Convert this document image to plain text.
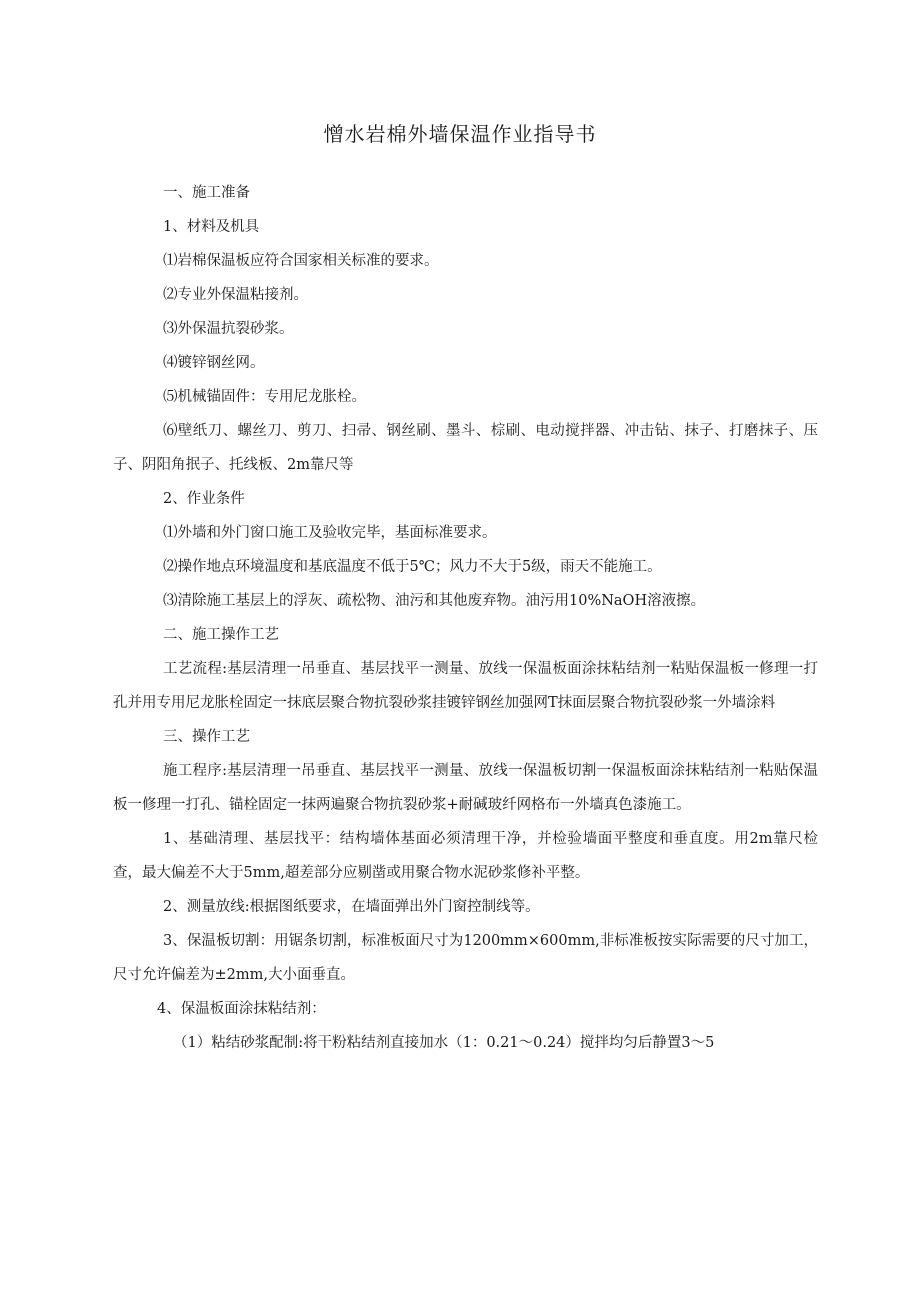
憎水岩棉外墙保温作业指导书

一、施工准备

1、材料及机具

⑴岩棉保温板应符合国家相关标准的要求。

⑵专业外保温粘接剂。

⑶外保温抗裂砂浆。

⑷镀锌钢丝网。

⑸机械锚固件：专用尼龙胀栓。

⑹壁纸刀、螺丝刀、剪刀、扫帚、钢丝刷、墨斗、棕刷、电动搅拌器、冲击钻、抹子、打磨抹子、压子、阴阳角抿子、托线板、2m靠尺等

2、作业条件

⑴外墙和外门窗口施工及验收完毕，基面标准要求。

⑵操作地点环境温度和基底温度不低于5℃；风力不大于5级，雨天不能施工。

⑶清除施工基层上的浮灰、疏松物、油污和其他废弃物。油污用10%NaOH溶液擦。

二、施工操作工艺

工艺流程:基层清理一吊垂直、基层找平一测量、放线一保温板面涂抹粘结剂一粘贴保温板一修理一打孔并用专用尼龙胀栓固定一抹底层聚合物抗裂砂浆挂镀锌钢丝加强网T抹面层聚合物抗裂砂浆一外墙涂料

三、操作工艺

施工程序:基层清理一吊垂直、基层找平一测量、放线一保温板切割一保温板面涂抹粘结剂一粘贴保温板一修理一打孔、锚栓固定一抹两遍聚合物抗裂砂浆+耐碱玻纤网格布一外墙真色漆施工。

1、基础清理、基层找平：结构墙体基面必须清理干净，并检验墙面平整度和垂直度。用2m靠尺检查，最大偏差不大于5mm,超差部分应剔凿或用聚合物水泥砂浆修补平整。

2、测量放线:根据图纸要求，在墙面弹出外门窗控制线等。

3、保温板切割：用锯条切割，标准板面尺寸为1200mm×600mm,非标准板按实际需要的尺寸加工，尺寸允许偏差为±2mm,大小面垂直。

4、保温板面涂抹粘结剂：

（1）粘结砂浆配制:将干粉粘结剂直接加水（1：0.21～0.24）搅拌均匀后静置3～5
